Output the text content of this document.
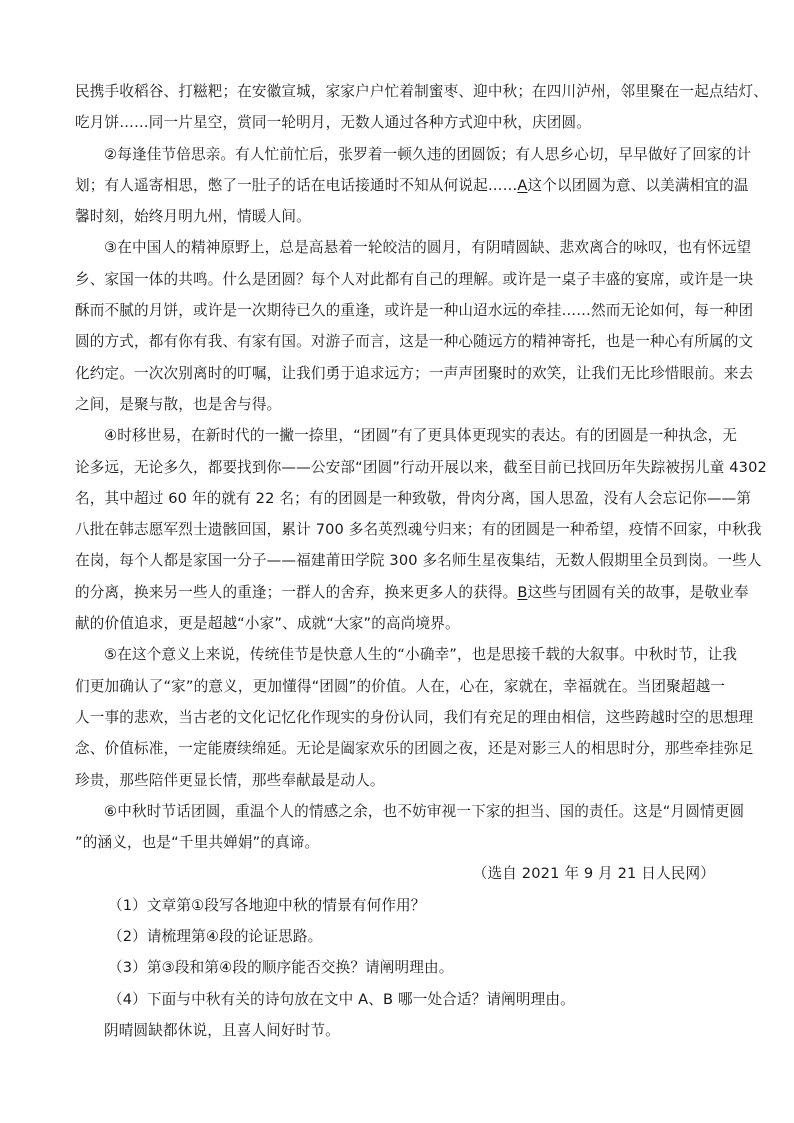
民携手收稻谷、打糍粑；在安徽宣城，家家户户忙着制蜜枣、迎中秋；在四川泸州，邻里聚在一起点结灯、
吃月饼……同一片星空，赏同一轮明月，无数人通过各种方式迎中秋，庆团圆。
②每逢佳节倍思亲。有人忙前忙后，张罗着一顿久违的团圆饭；有人思乡心切，早早做好了回家的计
划；有人遥寄相思，憋了一肚子的话在电话接通时不知从何说起……A这个以团圆为意、以美满相宜的温
馨时刻，始终月明九州，情暖人间。
③在中国人的精神原野上，总是高悬着一轮皎洁的圆月，有阴晴圆缺、悲欢离合的咏叹，也有怀远望
乡、家国一体的共鸣。什么是团圆？每个人对此都有自己的理解。或许是一桌子丰盛的宴席，或许是一块
酥而不腻的月饼，或许是一次期待已久的重逢，或许是一种山迢水远的牵挂……然而无论如何，每一种团
圆的方式，都有你有我、有家有国。对游子而言，这是一种心随远方的精神寄托，也是一种心有所属的文
化约定。一次次别离时的叮嘱，让我们勇于追求远方；一声声团聚时的欢笑，让我们无比珍惜眼前。来去
之间，是聚与散，也是舍与得。
④时移世易，在新时代的一撇一捺里，“团圆”有了更具体更现实的表达。有的团圆是一种执念，无
论多远，无论多久，都要找到你——公安部“团圆”行动开展以来，截至目前已找回历年失踪被拐儿童 4302
名，其中超过 60 年的就有 22 名；有的团圆是一种致敬，骨肉分离，国人思盈，没有人会忘记你——第
八批在韩志愿军烈士遗骸回国，累计 700 多名英烈魂兮归来；有的团圆是一种希望，疫情不回家，中秋我
在岗，每个人都是家国一分子——福建莆田学院 300 多名师生星夜集结，无数人假期里全员到岗。一些人
的分离，换来另一些人的重逢；一群人的舍弃，换来更多人的获得。B这些与团圆有关的故事，是敬业奉
献的价值追求，更是超越“小家”、成就“大家”的高尚境界。
⑤在这个意义上来说，传统佳节是快意人生的“小确幸”，也是思接千载的大叙事。中秋时节，让我
们更加确认了“家”的意义，更加懂得“团圆”的价值。人在，心在，家就在，幸福就在。当团聚超越一
人一事的悲欢，当古老的文化记忆化作现实的身份认同，我们有充足的理由相信，这些跨越时空的思想理
念、价值标准，一定能赓续绵延。无论是阖家欢乐的团圆之夜，还是对影三人的相思时分，那些牵挂弥足
珍贵，那些陪伴更显长情，那些奉献最是动人。
⑥中秋时节话团圆，重温个人的情感之余，也不妨审视一下家的担当、国的责任。这是“月圆情更圆
”的涵义，也是“千里共婵娟”的真谛。
（选自 2021 年 9 月 21 日人民网）
（1）文章第①段写各地迎中秋的情景有何作用？
（2）请梳理第④段的论证思路。
（3）第③段和第④段的顺序能否交换？请阐明理由。
（4）下面与中秋有关的诗句放在文中 A、B 哪一处合适？请阐明理由。
阴晴圆缺都休说，且喜人间好时节。
